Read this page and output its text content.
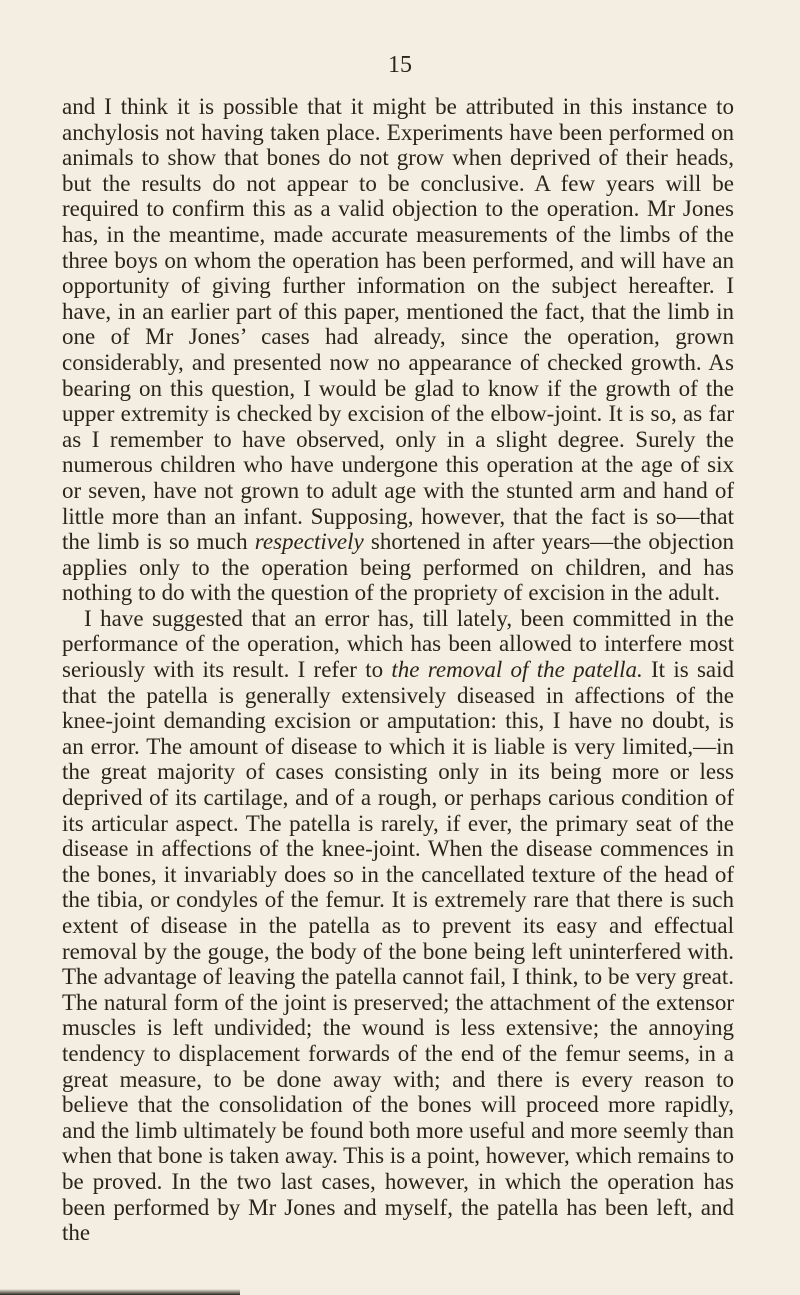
15

and I think it is possible that it might be attributed in this instance to anchylosis not having taken place. Experiments have been performed on animals to show that bones do not grow when deprived of their heads, but the results do not appear to be conclusive. A few years will be required to confirm this as a valid objection to the operation. Mr Jones has, in the meantime, made accurate measurements of the limbs of the three boys on whom the operation has been performed, and will have an opportunity of giving further information on the subject hereafter. I have, in an earlier part of this paper, mentioned the fact, that the limb in one of Mr Jones’ cases had already, since the operation, grown considerably, and presented now no appearance of checked growth. As bearing on this question, I would be glad to know if the growth of the upper extremity is checked by excision of the elbow-joint. It is so, as far as I remember to have observed, only in a slight degree. Surely the numerous children who have undergone this operation at the age of six or seven, have not grown to adult age with the stunted arm and hand of little more than an infant. Supposing, however, that the fact is so—that the limb is so much respectively shortened in after years—the objection applies only to the operation being performed on children, and has nothing to do with the question of the propriety of excision in the adult.

I have suggested that an error has, till lately, been committed in the performance of the operation, which has been allowed to interfere most seriously with its result. I refer to the removal of the patella. It is said that the patella is generally extensively diseased in affections of the knee-joint demanding excision or amputation: this, I have no doubt, is an error. The amount of disease to which it is liable is very limited,—in the great majority of cases consisting only in its being more or less deprived of its cartilage, and of a rough, or perhaps carious condition of its articular aspect. The patella is rarely, if ever, the primary seat of the disease in affections of the knee-joint. When the disease commences in the bones, it invariably does so in the cancellated texture of the head of the tibia, or condyles of the femur. It is extremely rare that there is such extent of disease in the patella as to prevent its easy and effectual removal by the gouge, the body of the bone being left uninterfered with. The advantage of leaving the patella cannot fail, I think, to be very great. The natural form of the joint is preserved; the attachment of the extensor muscles is left undivided; the wound is less extensive; the annoying tendency to displacement forwards of the end of the femur seems, in a great measure, to be done away with; and there is every reason to believe that the consolidation of the bones will proceed more rapidly, and the limb ultimately be found both more useful and more seemly than when that bone is taken away. This is a point, however, which remains to be proved. In the two last cases, however, in which the operation has been performed by Mr Jones and myself, the patella has been left, and the
